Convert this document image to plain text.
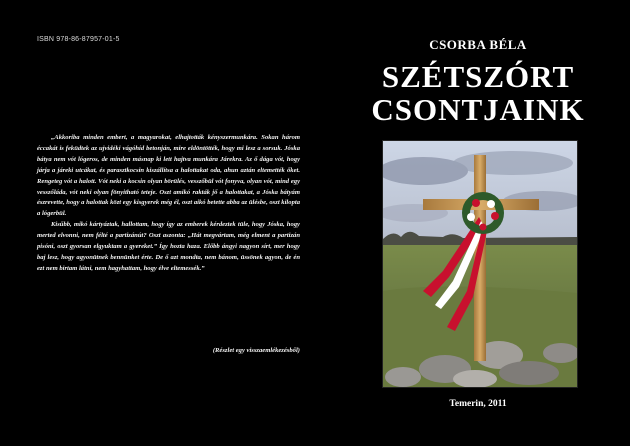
ISBN 978-86-87957-01-5

„Akkoriba minden embert, a magyarokat, elhajtották kényszermunkára. Sokan három éccakát is feküdtek az ujvidéki vágóhíd betonján, mire eldöntötték, hogy mi lesz a sorsuk. Jóska bátya nem vót lógeros, de minden másnap ki lett hajtva munkára Járekra. Az ő dága vót, hogy járja a járeki utcákat, és parasztkocsin kiszállítsa a halottakat oda, ahun aztán eltemették őket. Rengeteg vót a halott. Vót neki a kocsin olyan börülés, vesszőbül vót fonyva, olyan vót, mind egy vesszőláda, vót neki olyan fönyitható teteje. Oszt amikó rakták jő a halottakat, a Jóska bátyám észrevette, hogy a halottak közt egy kisgyerek még él, oszt aikó betette abba az ülésbe, oszt kilopta a lógerbül.

Kisűbb, mikó kártyáztak, hallottam, hogy így az emberek kérdeztek tüle, hogy Jóska, hogy merted elvonni, nem félté a partizánút? Oszt aszonta: „Hát megvártam, még elment a partizán pisóni, oszt gyorsan elgyuktam a gyereket.” Így hozta haza. Előbb ángyi nagyon sírt, mer hogy baj lesz, hogy agyonütnek bennünket érte. De ő azt mondta, nem bánom, üssönek agyon, de én ezt nem birtam látni, nem hagyhattam, hogy élve eltemessék.”

(Részlet egy visszaemlékezésből)
CSORBA BÉLA
SZÉTSZÓRT
CSONTJAINK
Temerin, 2011
